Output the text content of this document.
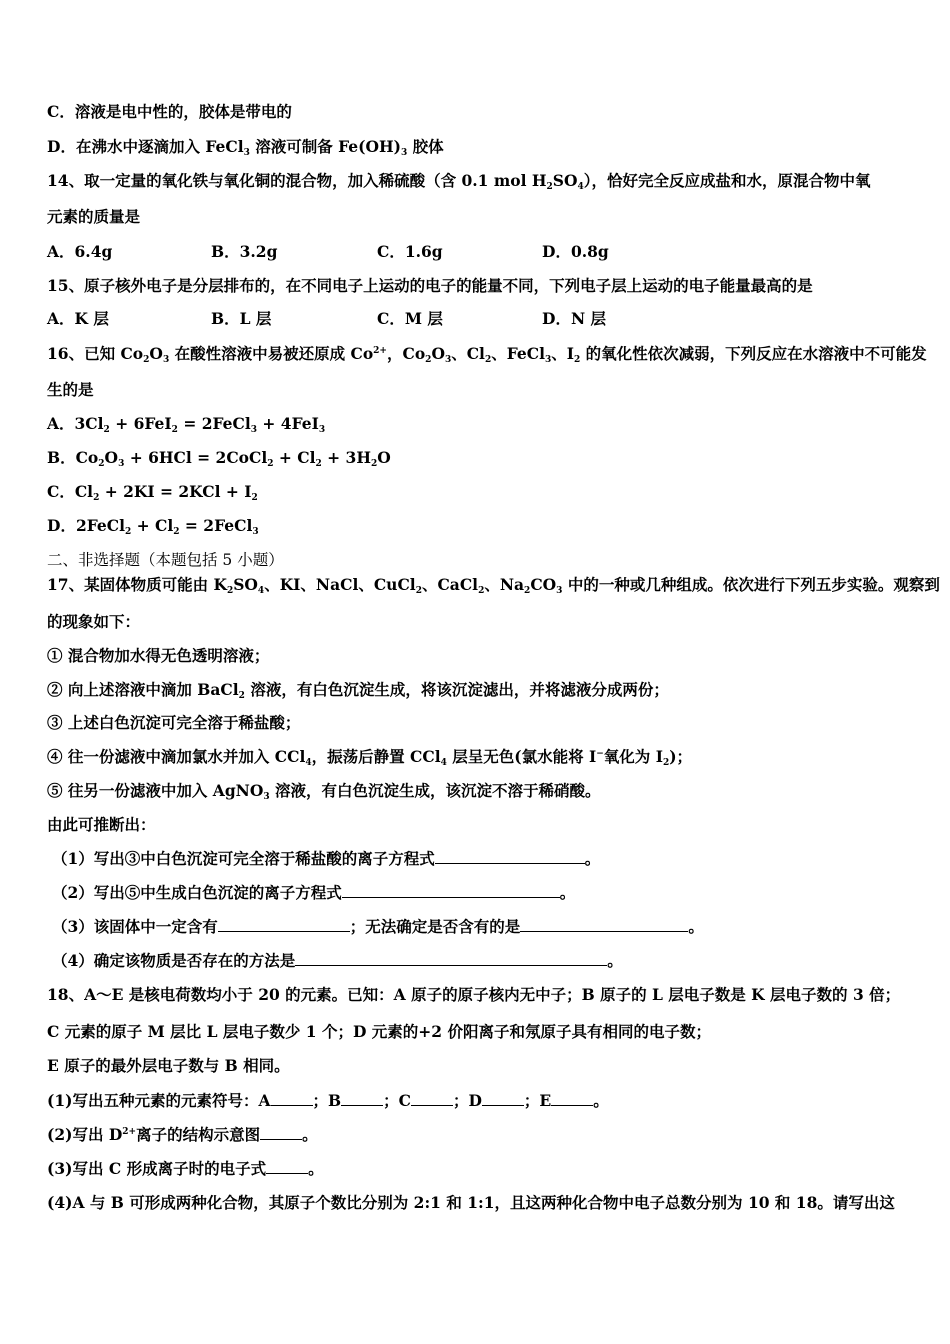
C．溶液是电中性的，胶体是带电的
D．在沸水中逐滴加入 FeCl$_3$ 溶液可制备 $Fe(OH)_3$ 胶体
14、取一定量的氧化铁与氧化铜的混合物，加入稀硫酸（含 0.1 mol $H_2SO_4$），恰好完全反应成盐和水，原混合物中氧
元素的质量是
A．6.4g	B．3.2g	C．1.6g	D．0.8g
15、原子核外电子是分层排布的，在不同电子上运动的电子的能量不同，下列电子层上运动的电子能量最高的是
A．K 层	B．L 层	C．M 层	D．N 层
16、已知 $Co_2O_3$ 在酸性溶液中易被还原成 $Co^{2+}$，$Co_2O_3$、$Cl_2$、FeCl$_3$、$I_2$ 的氧化性依次减弱，下列反应在水溶液中不可能发
生的是
A．$3Cl_2 + 6FeI_2$ = 2FeCl$_3$ + 4FeI$_3$
B．$Co_2O_3 + 6HCl$ = 2CoCl$_2$ + $Cl_2 + 3H_2O$
C．$Cl_2 + 2KI = 2KCl + I_2$
D．2FeCl$_2$ + $Cl_2$ = 2FeCl$_3$
二、非选择题（本题包括 5 小题）
17、某固体物质可能由 $K_2SO_4$、KI、NaCl、CuCl$_2$、CaCl$_2$、$Na_2CO_3$ 中的一种或几种组成。依次进行下列五步实验。观察到
的现象如下：
① 混合物加水得无色透明溶液；
② 向上述溶液中滴加 BaCl$_2$ 溶液，有白色沉淀生成，将该沉淀滤出，并将滤液分成两份；
③ 上述白色沉淀可完全溶于稀盐酸；
④ 往一份滤液中滴加氯水并加入 CCl$_4$，振荡后静置 CCl$_4$ 层呈无色(氯水能将 I−氧化为 $I_2$)；
⑤ 往另一份滤液中加入 AgNO$_3$ 溶液，有白色沉淀生成，该沉淀不溶于稀硝酸。
由此可推断出：
（1）写出③中白色沉淀可完全溶于稀盐酸的离子方程式	。
（2）写出⑤中生成白色沉淀的离子方程式	。
（3）该固体中一定含有	；无法确定是否含有的是	。
（4）确定该物质是否存在的方法是	。
18、A～E 是核电荷数均小于 20 的元素。已知：A 原子的原子核内无中子；B 原子的 L 层电子数是 K 层电子数的 3 倍；
C 元素的原子 M 层比 L 层电子数少 1 个；D 元素的+2 价阳离子和氖原子具有相同的电子数；
E 原子的最外层电子数与 B 相同。
(1)写出五种元素的元素符号：A	；B	；C	；D	；E	。
(2)写出 $D^{2+}$离子的结构示意图	。
(3)写出 C 形成离子时的电子式	。
(4)A 与 B 可形成两种化合物，其原子个数比分别为 2:1 和 1:1，且这两种化合物中电子总数分别为 10 和 18。请写出这
